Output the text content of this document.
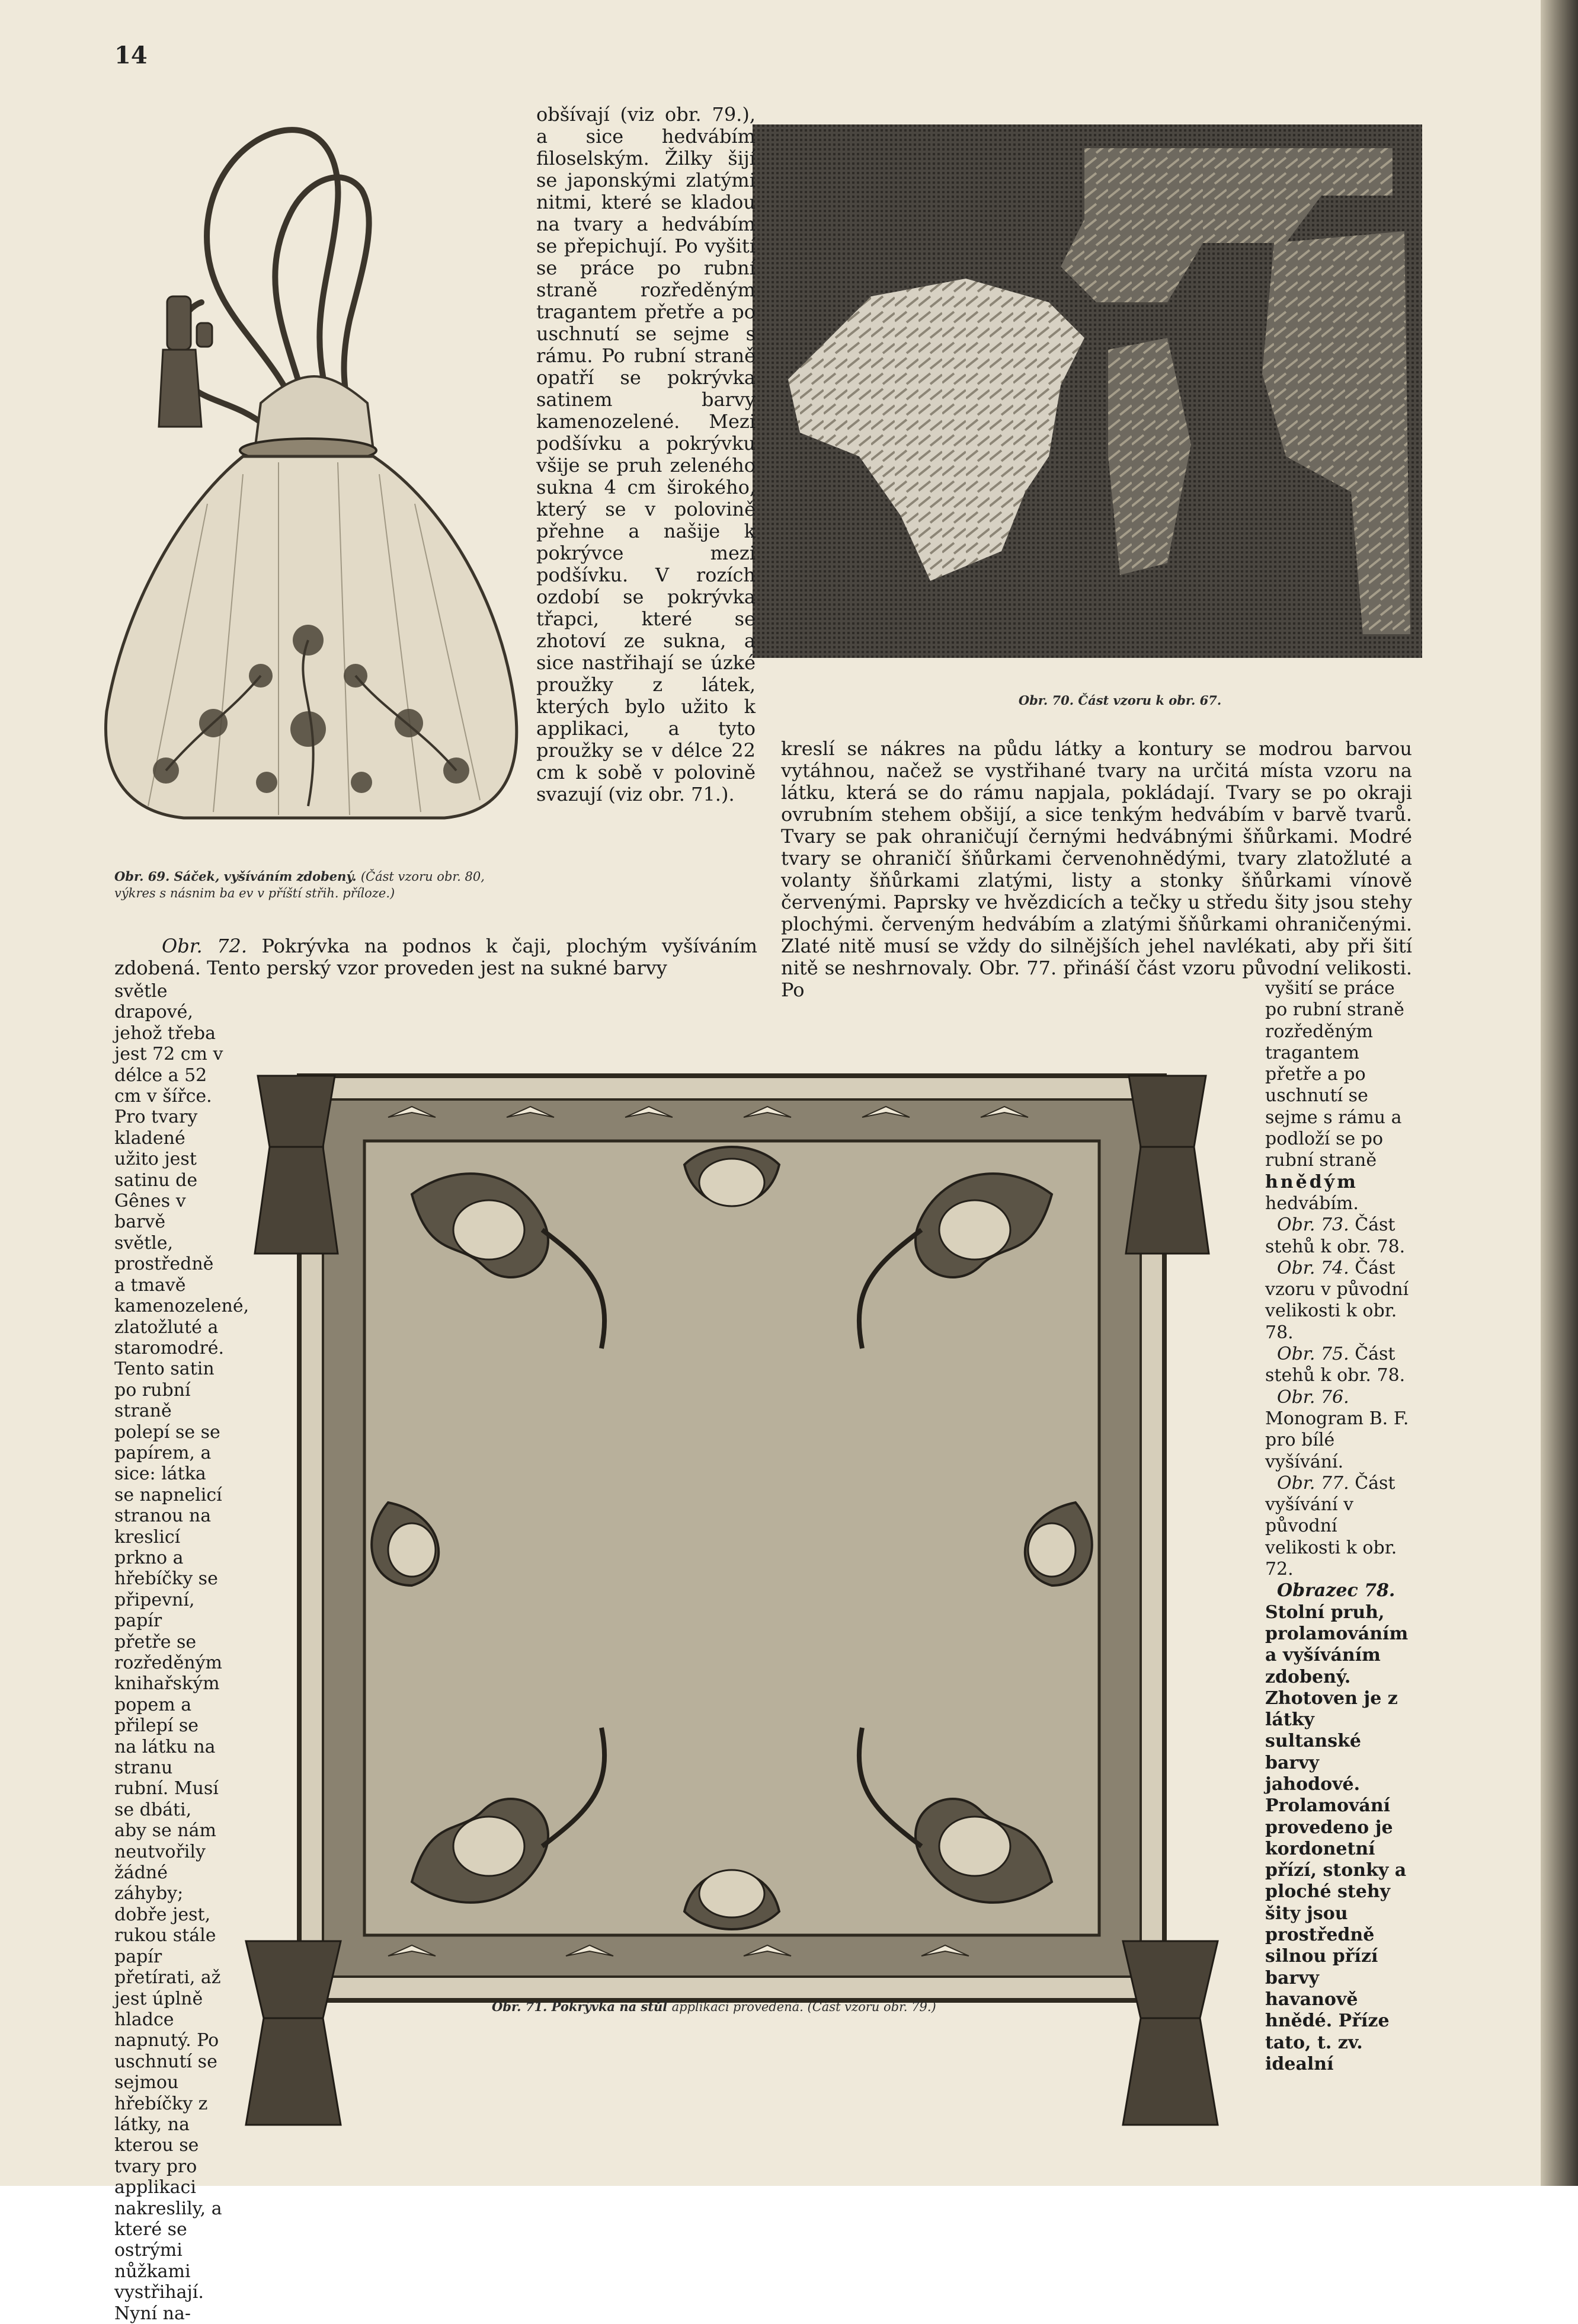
14

obšívají (viz obr. 79.), a sice hedvábím filoselským. Žilky šijí se japonskými zlatými nitmi, které se kladou na tvary a hedvábím se přepichují. Po vyšití se práce po rubní straně rozředěným tragantem přetře a po uschnutí se sejme s rámu. Po rubní straně opatří se pokrývka satinem barvy kamenozelené. Mezi podšívku a pokrývku všije se pruh zeleného sukna 4 cm širokého, který se v polovině přehne a našije k pokrývce mezi podšívku. V rozích ozdobí se pokrývka třapci, které se zhotoví ze sukna, a sice nastřihají se úzké proužky z látek, kterých bylo užito k applikaci, a tyto proužky se v délce 22 cm k sobě v polovině svazují (viz obr. 71.).

kreslí se nákres na půdu látky a kontury se modrou barvou vytáhnou, načež se vystřihané tvary na určitá místa vzoru na látku, která se do rámu napjala, pokládají. Tvary se po okraji ovrubním stehem obšijí, a sice tenkým hedvábím v barvě tvarů. Tvary se pak ohraničují černými hedvábnými šňůrkami. Modré tvary se ohraničí šňůrkami červenohnědými, tvary zlatožluté a volanty šňůrkami zlatými, listy a stonky šňůrkami vínově červenými. Paprsky ve hvězdicích a tečky u středu šity jsou stehy plochými. červeným hedvábím a zlatými šňůrkami ohraničenými. Zlaté nitě musí se vždy do silnějších jehel navlékati, aby při šití nitě se neshrnovaly. Obr. 77. přináší část vzoru původní velikosti. Po

Obr. 72. Pokrývka na podnos k čaji, plochým vyšíváním zdobená. Tento perský vzor proveden jest na sukné barvy

světle drapové, jehož třeba jest 72 cm v délce a 52 cm v šířce. Pro tvary kladené užito jest satinu de Gênes v barvě světle, prostředně a tmavě kamenozelené, zlatožluté a staromodré. Tento satin po rubní straně polepí se se papírem, a sice: látka se napnelicí stranou na kreslicí prkno a hřebíčky se připevní, papír přetře se rozředěným knihařským popem a přilepí se na látku na stranu rubní. Musí se dbáti, aby se nám neutvořily žádné záhyby; dobře jest, rukou stále papír přetírati, až jest úplně hladce napnutý. Po uschnutí se sejmou hřebíčky z látky, na kterou se tvary pro applikaci nakreslily, a které se ostrými nůžkami vystřihají. Nyní na-

vyšití se práce po rubní straně rozředěným tragantem přetře a po uschnutí se sejme s rámu a podloží se po rubní straně hnědým hedvábím.

Obr. 73. Část stehů k obr. 78.

Obr. 74. Část vzoru v původní velikosti k obr. 78.

Obr. 75. Část stehů k obr. 78.

Obr. 76. Monogram B. F. pro bílé vyšívání.

Obr. 77. Část vyšívání v původní velikosti k obr. 72.

Obrazec 78. Stolní pruh, prolamováním a vyšíváním zdobený. Zhotoven je z látky sultanské barvy jahodové. Prolamování provedeno je kordonetní přízí, stonky a ploché stehy šity jsou prostředně silnou přízí barvy havanově hnědé. Příze tato, t. zv. idealní

Obr. 69. Sáček, vyšíváním zdobený. (Část vzoru obr. 80, výkres s násnim ba ev v příští střih. příloze.)
Obr. 70. Část vzoru k obr. 67.
Obr. 71. Pokrývka na stůl applikací provedená. (Část vzoru obr. 79.)
